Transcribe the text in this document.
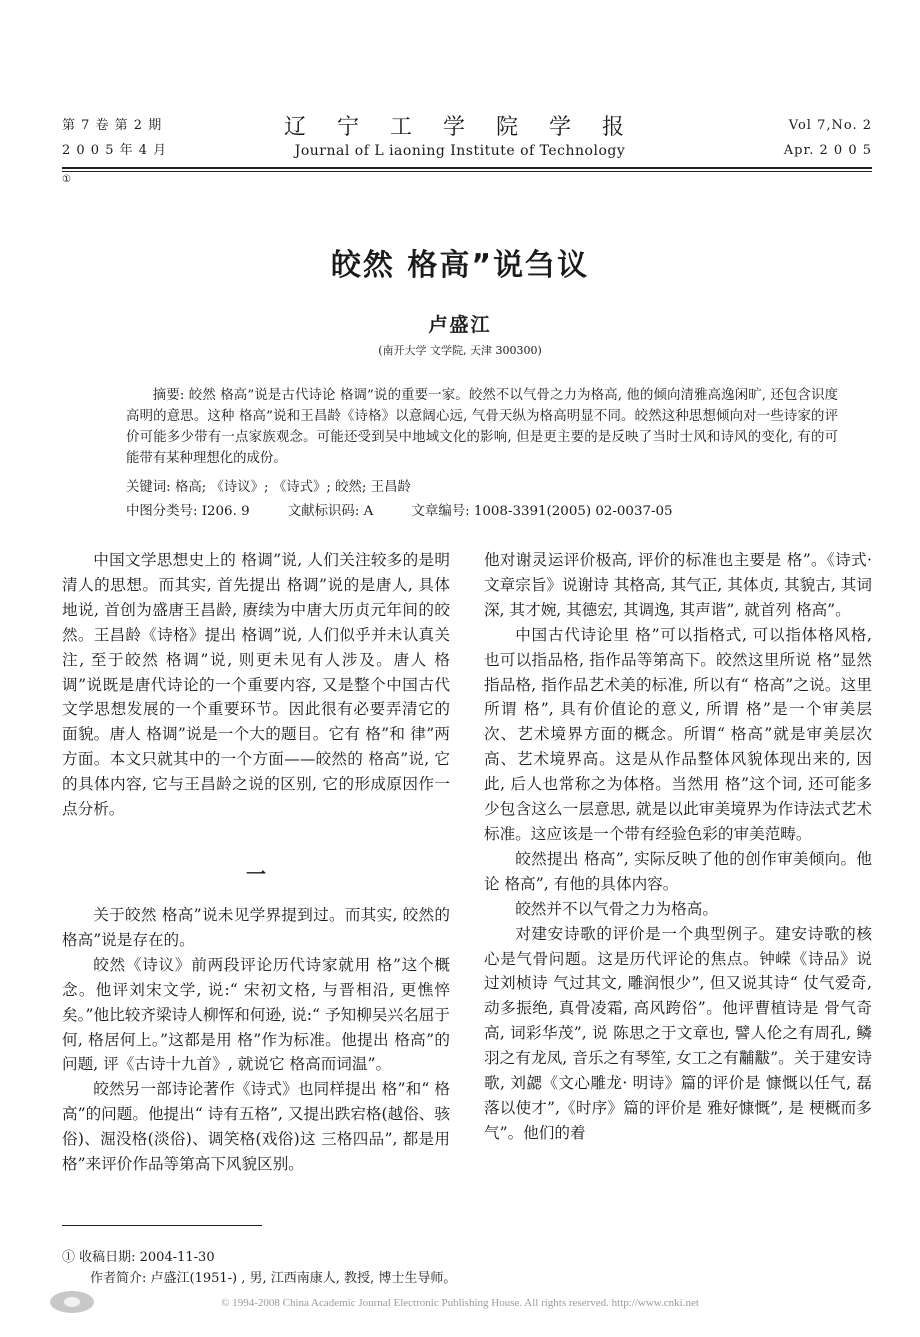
第 7 卷 第 2 期
2 0 0 5 年 4 月
辽 宁 工 学 院 学 报
Journal of L iaoning Institute of Technology
Vol 7,No. 2
Apr. 2 0 0 5
①
皎然 格高”说刍议
卢盛江
(南开大学 文学院, 天津 300300)
摘要: 皎然 格高”说是古代诗论 格调”说的重要一家。皎然不以气骨之力为格高, 他的倾向清雅高逸闲旷, 还包含识度高明的意思。这种 格高”说和王昌龄《诗格》以意阔心远, 气骨天纵为格高明显不同。皎然这种思想倾向对一些诗家的评价可能多少带有一点家族观念。可能还受到吴中地域文化的影响, 但是更主要的是反映了当时士风和诗风的变化, 有的可能带有某种理想化的成份。
关键词: 格高; 《诗议》; 《诗式》; 皎然; 王昌龄
中图分类号: I206. 9	文献标识码: A	文章编号: 1008-3391(2005) 02-0037-05

中国文学思想史上的 格调”说, 人们关注较多的是明清人的思想。而其实, 首先提出 格调”说的是唐人, 具体地说, 首创为盛唐王昌龄, 赓续为中唐大历贞元年间的皎然。王昌龄《诗格》提出 格调”说, 人们似乎并未认真关注, 至于皎然 格调”说, 则更未见有人涉及。唐人 格调”说既是唐代诗论的一个重要内容, 又是整个中国古代文学思想发展的一个重要环节。因此很有必要弄清它的面貌。唐人 格调”说是一个大的题目。它有 格”和 律”两方面。本文只就其中的一个方面——皎然的 格高”说, 它的具体内容, 它与王昌龄之说的区别, 它的形成原因作一点分析。

一

关于皎然 格高”说未见学界提到过。而其实, 皎然的 格高”说是存在的。

皎然《诗议》前两段评论历代诗家就用 格”这个概念。他评刘宋文学, 说:“ 宋初文格, 与晋相沿, 更憔悴矣。”他比较齐梁诗人柳恽和何逊, 说:“ 予知柳吴兴名屈于何, 格居何上。”这都是用 格”作为标准。他提出 格高”的问题, 评《古诗十九首》, 就说它 格高而词温”。

皎然另一部诗论著作《诗式》也同样提出 格”和“ 格高”的问题。他提出“ 诗有五格”, 又提出跌宕格(越俗、骇俗)、淈没格(淡俗)、调笑格(戏俗)这 三格四品”, 都是用 格”来评价作品等第高下风貌区别。

他对谢灵运评价极高, 评价的标准也主要是 格”。《诗式· 文章宗旨》说谢诗 其格高, 其气正, 其体贞, 其貌古, 其词深, 其才婉, 其德宏, 其调逸, 其声谐”, 就首列 格高”。

中国古代诗论里 格”可以指格式, 可以指体格风格, 也可以指品格, 指作品等第高下。皎然这里所说 格”显然指品格, 指作品艺术美的标准, 所以有“ 格高”之说。这里所谓 格”, 具有价值论的意义, 所谓 格”是一个审美层次、艺术境界方面的概念。所谓“ 格高”就是审美层次高、艺术境界高。这是从作品整体风貌体现出来的, 因此, 后人也常称之为体格。当然用 格”这个词, 还可能多少包含这么一层意思, 就是以此审美境界为作诗法式艺术标准。这应该是一个带有经验色彩的审美范畴。

皎然提出 格高”, 实际反映了他的创作审美倾向。他论 格高”, 有他的具体内容。

皎然并不以气骨之力为格高。

对建安诗歌的评价是一个典型例子。建安诗歌的核心是气骨问题。这是历代评论的焦点。钟嵘《诗品》说过刘桢诗 气过其文, 雕润恨少”, 但又说其诗“ 仗气爱奇, 动多振绝, 真骨凌霜, 高风跨俗”。他评曹植诗是 骨气奇高, 词彩华茂”, 说 陈思之于文章也, 譬人伦之有周孔, 鳞羽之有龙凤, 音乐之有琴笙, 女工之有黼黻”。关于建安诗歌, 刘勰《文心雕龙· 明诗》篇的评价是 慷慨以任气, 磊落以使才”,《时序》篇的评价是 雅好慷慨”, 是 梗概而多气”。他们的着

① 收稿日期: 2004-11-30
作者简介: 卢盛江(1951-) , 男, 江西南康人, 教授, 博士生导师。
© 1994-2008 China Academic Journal Electronic Publishing House. All rights reserved. http://www.cnki.net
